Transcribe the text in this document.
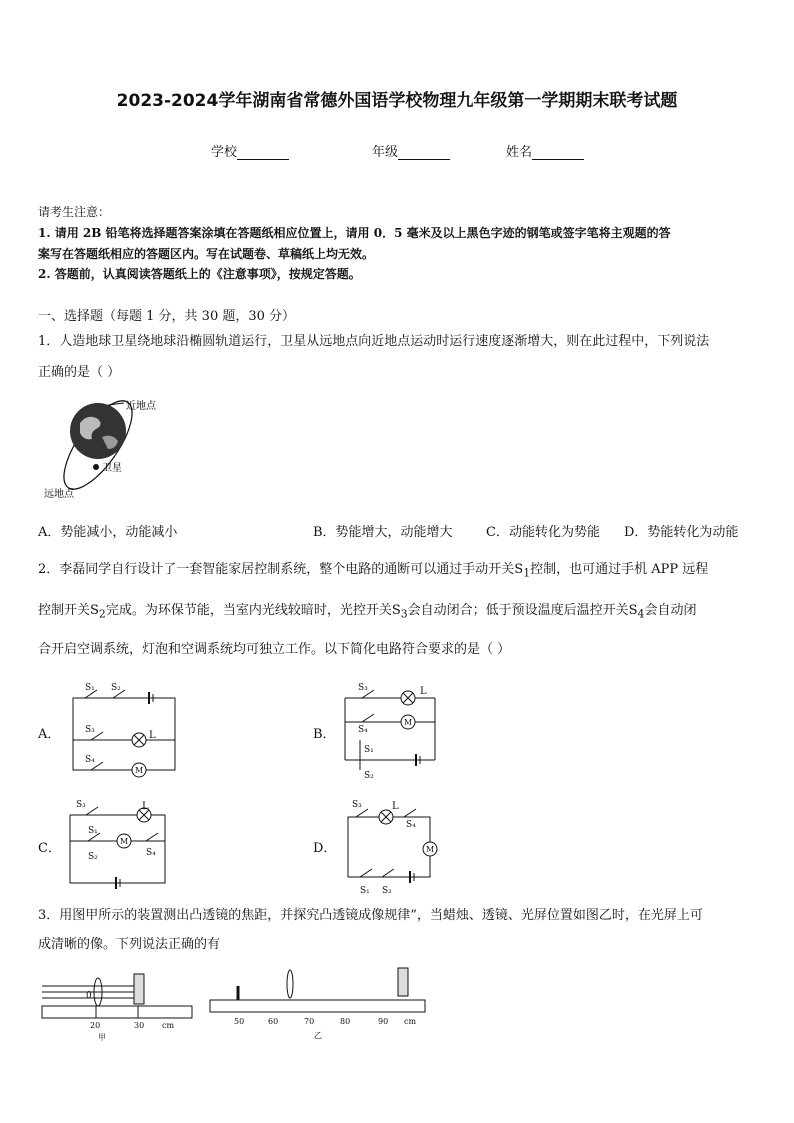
2023-2024学年湖南省常德外国语学校物理九年级第一学期期末联考试题
学校	年级	姓名
请考生注意：
1. 请用 2B 铅笔将选择题答案涂填在答题纸相应位置上，请用 0．5 毫米及以上黑色字迹的钢笔或签字笔将主观题的答
案写在答题纸相应的答题区内。写在试题卷、草稿纸上均无效。
2. 答题前，认真阅读答题纸上的《注意事项》，按规定答题。
一、选择题（每题 1 分，共 30 题，30 分）
1．人造地球卫星绕地球沿椭圆轨道运行，卫星从远地点向近地点运动时运行速度逐渐增大，则在此过程中，下列说法
正确的是（ ）
近地点
卫星
远地点
A．势能减小，动能减小	B．势能增大，动能增大	C．动能转化为势能 D．势能转化为动能
2．李磊同学自行设计了一套智能家居控制系统，整个电路的通断可以通过手动开关$S_1$控制，也可通过手机 APP 远程
控制开关$S_2$完成。为环保节能，当室内光线较暗时，光控开关$S_3$会自动闭合；低于预设温度后温控开关$S_4$会自动闭
合开启空调系统，灯泡和空调系统均可独立工作。以下简化电路符合要求的是（ ）
A．
M
L
S₁ S₂
S₃
S₄
B．
S₃	L
M
S₄
S₁
S₂
C．
S₃	L
M
S₁
S₂	S₄	D．
S₃	L
S₄
M
S₁ S₂
3．用图甲所示的装置测出凸透镜的焦距，并探究凸透镜成像规律”，当蜡烛、透镜、光屏位置如图乙时，在光屏上可
成清晰的像。下列说法正确的有
0
20	30 cm
甲
50	60	70	80	90 cm
乙
